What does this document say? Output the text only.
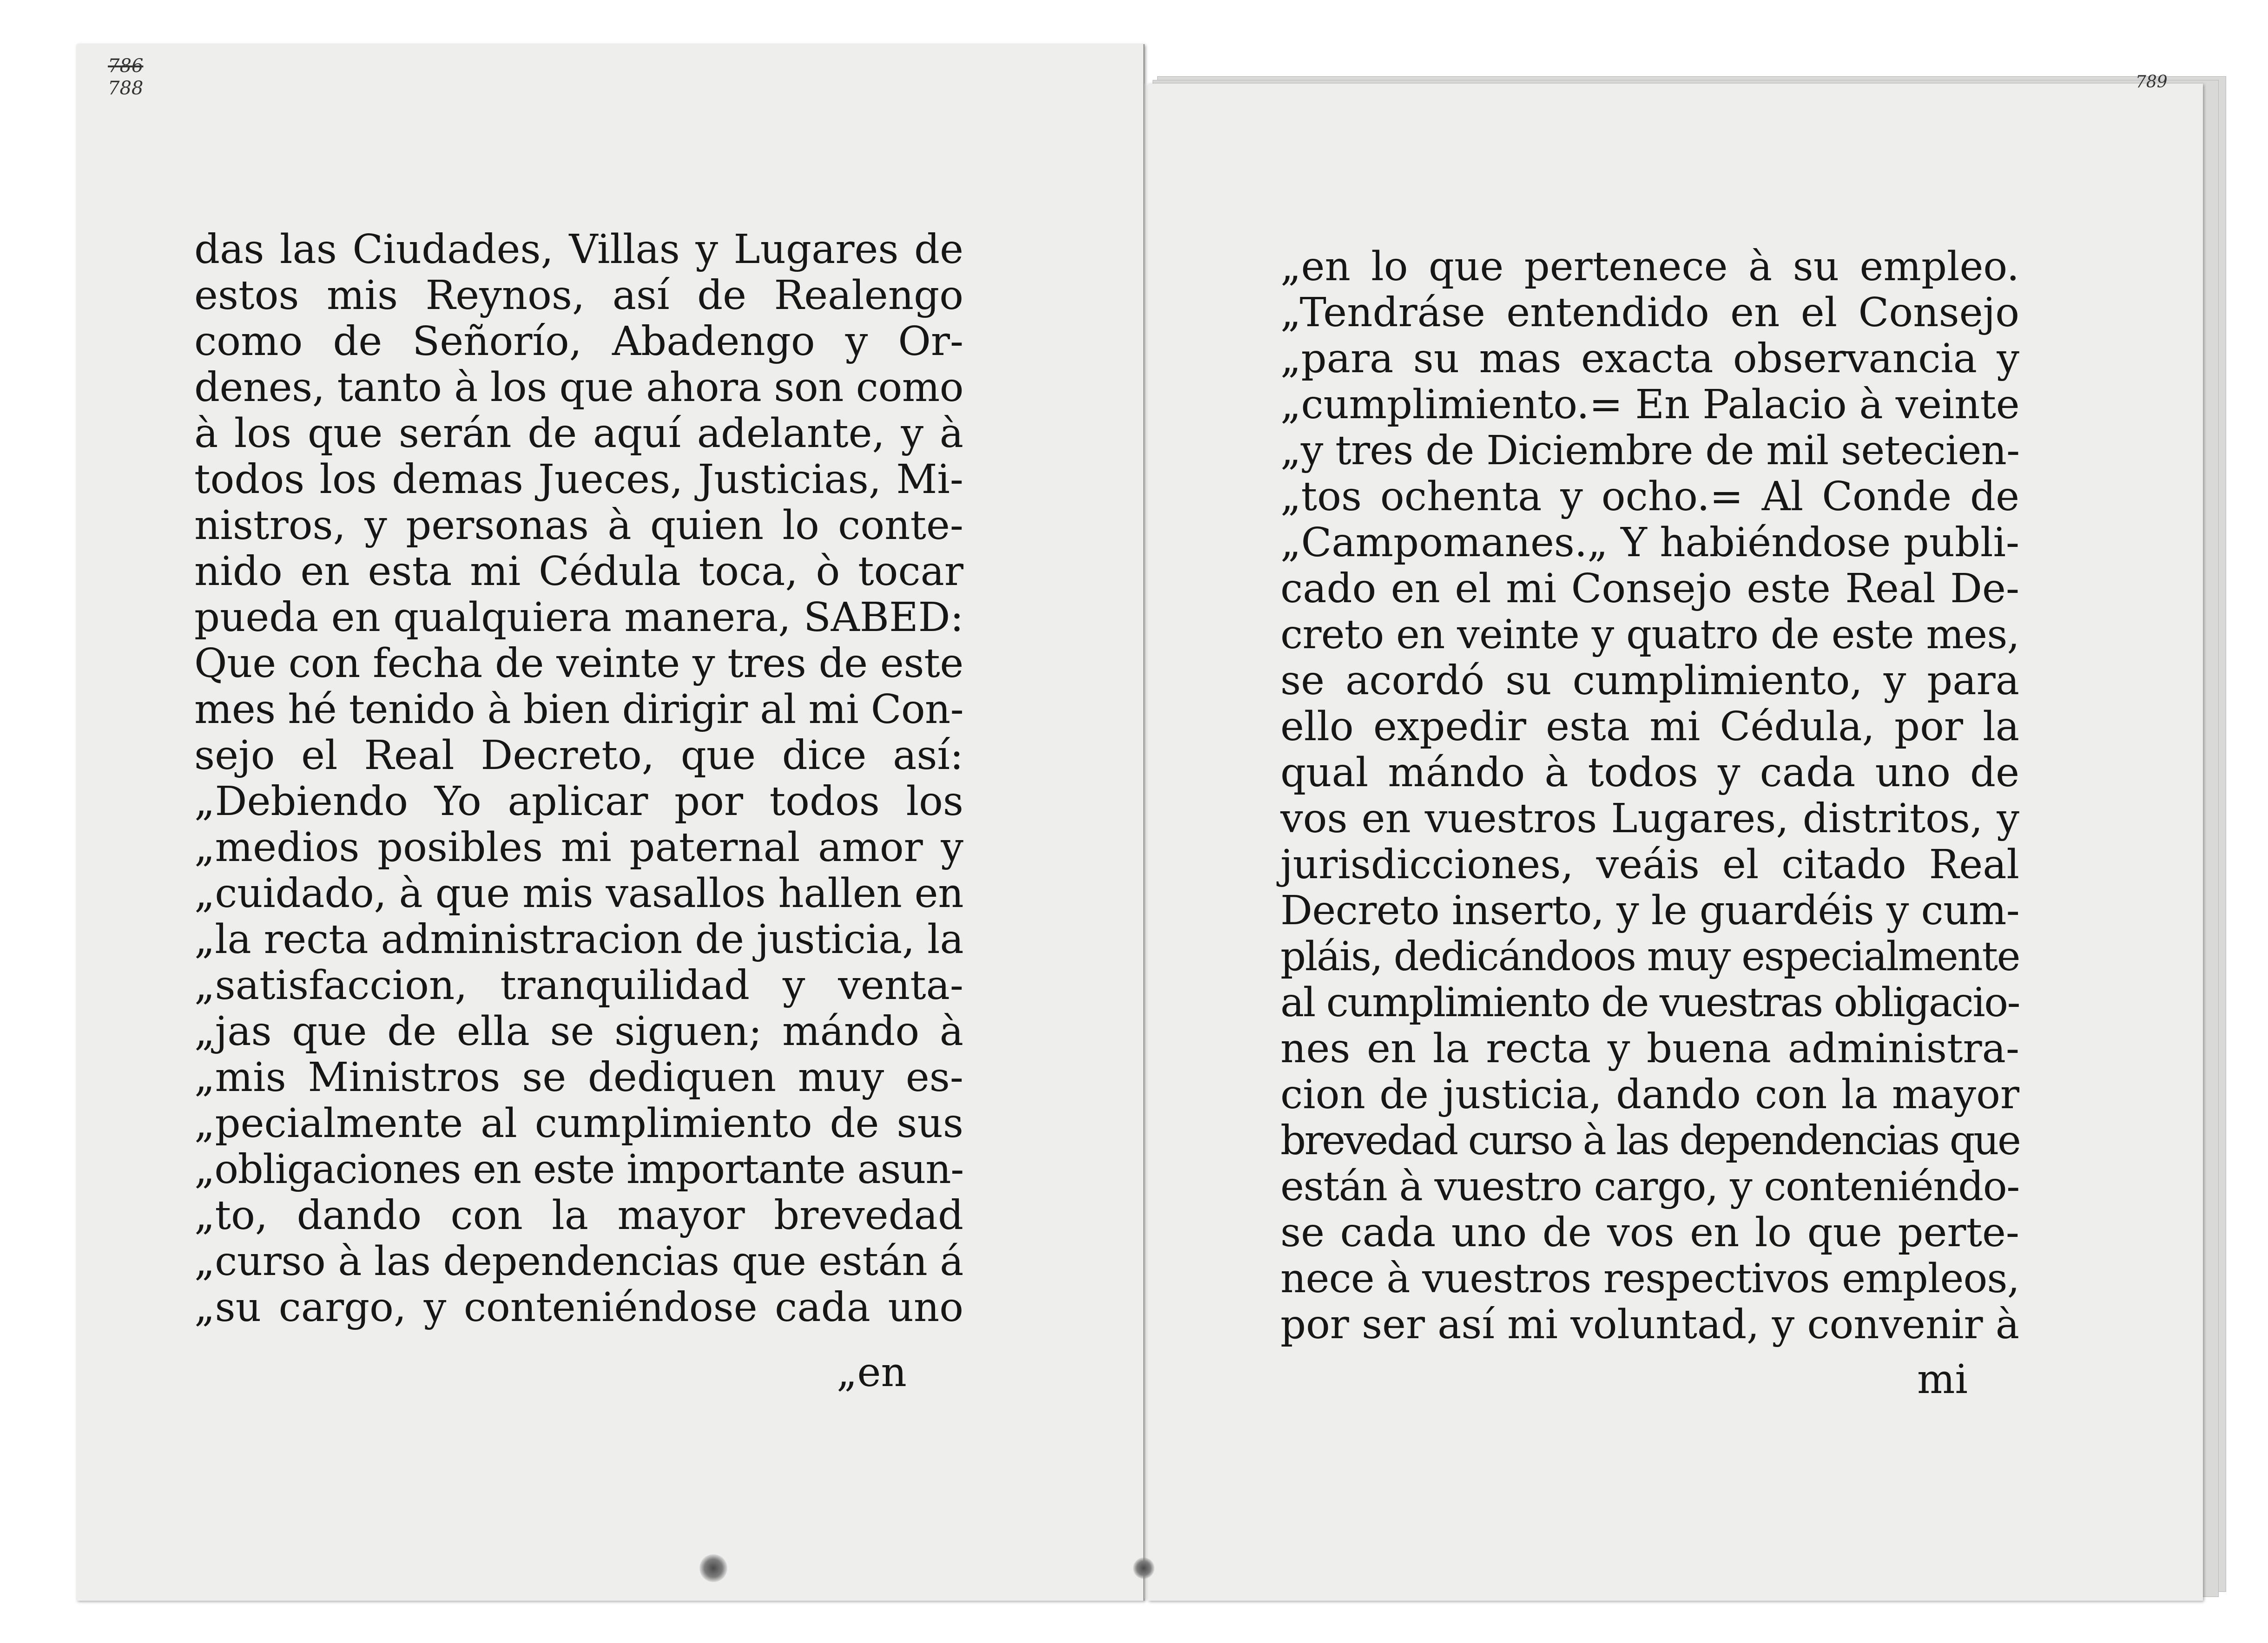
786
788	789
das las Ciudades, Villas y Lugares de
estos mis Reynos, así de Realengo
como de Señorío, Abadengo y Or-
denes, tanto à los que ahora son como
à los que serán de aquí adelante, y à
todos los demas Jueces, Justicias, Mi-
nistros, y personas à quien lo conte-
nido en esta mi Cédula toca, ò tocar
pueda en qualquiera manera, SABED:
Que con fecha de veinte y tres de este
mes hé tenido à bien dirigir al mi Con-
sejo el Real Decreto, que dice así:
„Debiendo Yo aplicar por todos los
„medios posibles mi paternal amor y
„cuidado, à que mis vasallos hallen en
„la recta administracion de justicia, la
„satisfaccion, tranquilidad y venta-
„jas que de ella se siguen; mándo à
„mis Ministros se dediquen muy es-
„pecialmente al cumplimiento de sus
„obligaciones en este importante asun-
„to, dando con la mayor brevedad
„curso à las dependencias que están á
„su cargo, y conteniéndose cada uno
„en
„en lo que pertenece à su empleo.
„Tendráse entendido en el Consejo
„para su mas exacta observancia y
„cumplimiento.= En Palacio à veinte
„y tres de Diciembre de mil setecien-
„tos ochenta y ocho.= Al Conde de
„Campomanes.„ Y habiéndose publi-
cado en el mi Consejo este Real De-
creto en veinte y quatro de este mes,
se acordó su cumplimiento, y para
ello expedir esta mi Cédula, por la
qual mándo à todos y cada uno de
vos en vuestros Lugares, distritos, y
jurisdicciones, veáis el citado Real
Decreto inserto, y le guardéis y cum-
pláis, dedicándoos muy especialmente
al cumplimiento de vuestras obligacio-
nes en la recta y buena administra-
cion de justicia, dando con la mayor
brevedad curso à las dependencias que
están à vuestro cargo, y conteniéndo-
se cada uno de vos en lo que perte-
nece à vuestros respectivos empleos,
por ser así mi voluntad, y convenir à
mi
